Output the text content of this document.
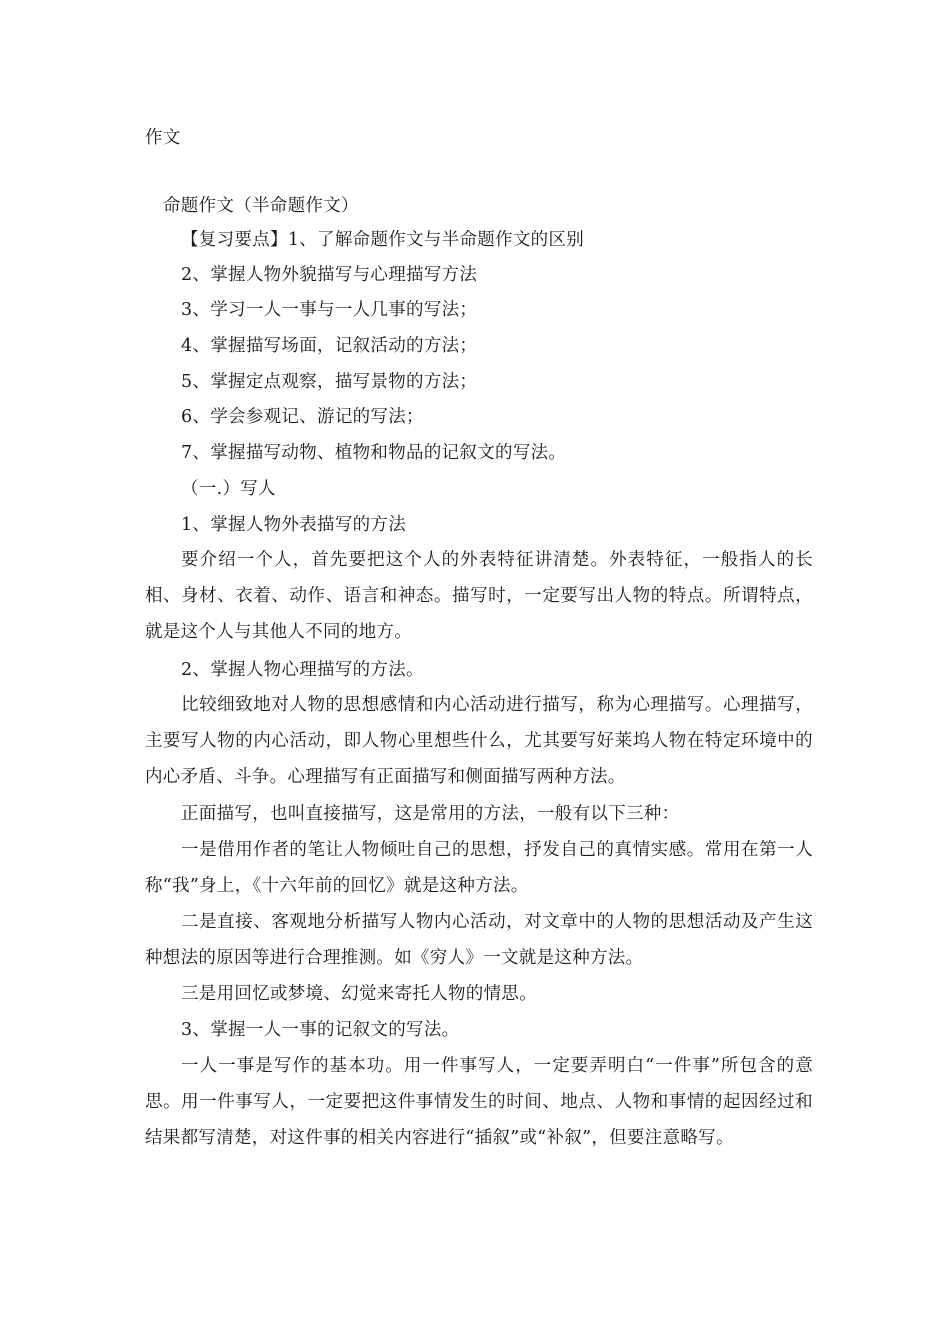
作文

命题作文（半命题作文）

【复习要点】1、了解命题作文与半命题作文的区别

2、掌握人物外貌描写与心理描写方法

3、学习一人一事与一人几事的写法；

4、掌握描写场面，记叙活动的方法；

5、掌握定点观察，描写景物的方法；

6、学会参观记、游记的写法；

7、掌握描写动物、植物和物品的记叙文的写法。

（一.）写人

1、掌握人物外表描写的方法

要介绍一个人，首先要把这个人的外表特征讲清楚。外表特征，一般指人的长相、身材、衣着、动作、语言和神态。描写时，一定要写出人物的特点。所谓特点，就是这个人与其他人不同的地方。

2、掌握人物心理描写的方法。

比较细致地对人物的思想感情和内心活动进行描写，称为心理描写。心理描写，主要写人物的内心活动，即人物心里想些什么，尤其要写好莱坞人物在特定环境中的内心矛盾、斗争。心理描写有正面描写和侧面描写两种方法。

正面描写，也叫直接描写，这是常用的方法，一般有以下三种：

一是借用作者的笔让人物倾吐自己的思想，抒发自己的真情实感。常用在第一人称“我”身上，《十六年前的回忆》就是这种方法。

二是直接、客观地分析描写人物内心活动，对文章中的人物的思想活动及产生这种想法的原因等进行合理推测。如《穷人》一文就是这种方法。

三是用回忆或梦境、幻觉来寄托人物的情思。

3、掌握一人一事的记叙文的写法。

一人一事是写作的基本功。用一件事写人，一定要弄明白“一件事”所包含的意思。用一件事写人，一定要把这件事情发生的时间、地点、人物和事情的起因经过和结果都写清楚，对这件事的相关内容进行“插叙”或“补叙”，但要注意略写。
